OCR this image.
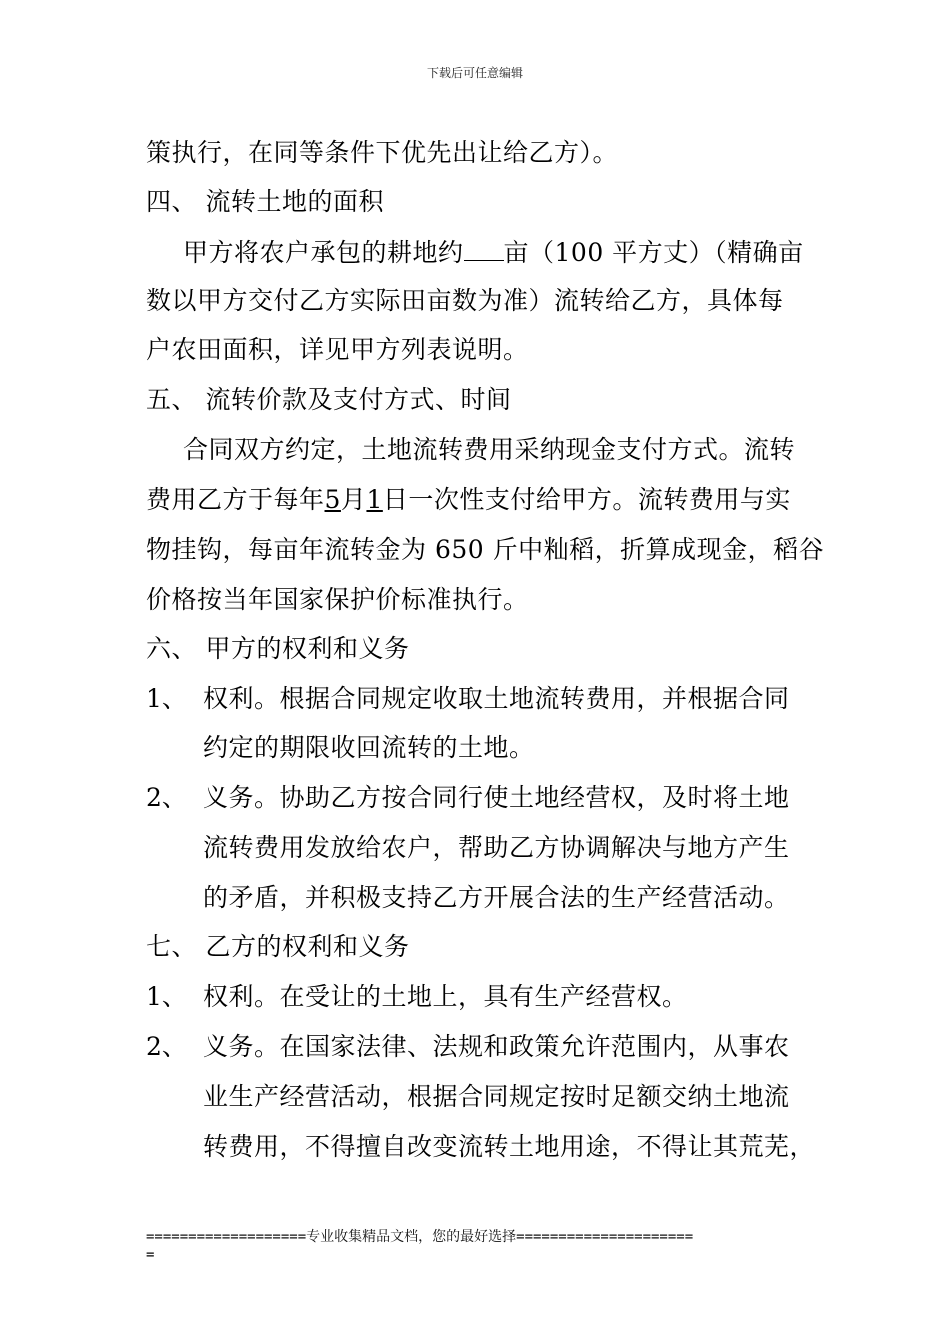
下载后可任意编辑
策执行，在同等条件下优先出让给乙方）。
四、 流转土地的面积
甲方将农户承包的耕地约 亩（100 平方丈）（精确亩
数以甲方交付乙方实际田亩数为准）流转给乙方，具体每
户农田面积，详见甲方列表说明。
五、 流转价款及支付方式、时间
合同双方约定，土地流转费用采纳现金支付方式。流转
费用乙方于每年5月1日一次性支付给甲方。流转费用与实
物挂钩，每亩年流转金为 650 斤中籼稻，折算成现金，稻谷
价格按当年国家保护价标准执行。
六、 甲方的权利和义务
1、 权利。根据合同规定收取土地流转费用，并根据合同
约定的期限收回流转的土地。
2、 义务。协助乙方按合同行使土地经营权，及时将土地
流转费用发放给农户，帮助乙方协调解决与地方产生
的矛盾，并积极支持乙方开展合法的生产经营活动。
七、 乙方的权利和义务
1、 权利。在受让的土地上，具有生产经营权。
2、 义务。在国家法律、法规和政策允许范围内，从事农
业生产经营活动，根据合同规定按时足额交纳土地流
转费用，不得擅自改变流转土地用途，不得让其荒芜，
===================专业收集精品文档，您的最好选择=====================
=
